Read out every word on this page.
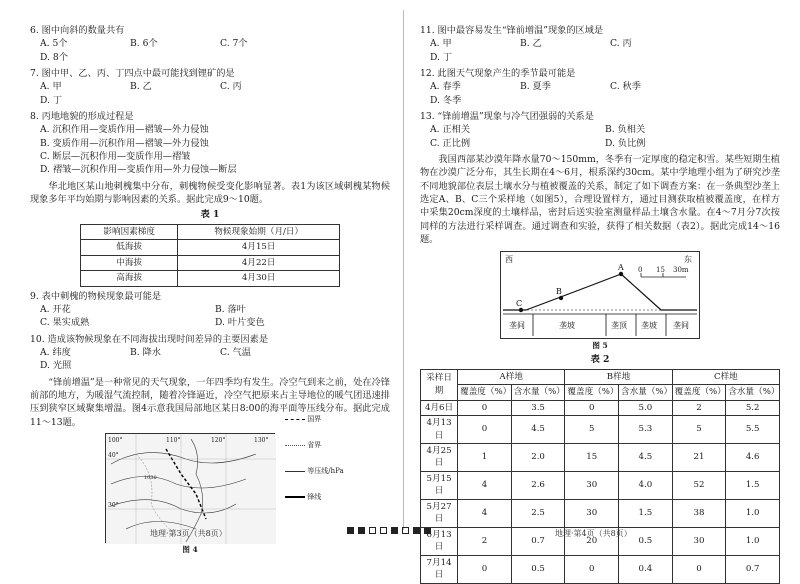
6. 图中向斜的数量共有
A. 5个	B. 6个	C. 7个
D. 8个
7. 图中甲、乙、丙、丁四点中最可能找到锂矿的是
A. 甲	B. 乙	C. 丙
D. 丁
8. 丙地地貌的形成过程是
A. 沉积作用—变质作用—褶皱—外力侵蚀
B. 变质作用—沉积作用—褶皱—外力侵蚀
C. 断层—沉积作用—变质作用—褶皱
D. 褶皱—沉积作用—变质作用—外力侵蚀—断层
华北地区某山地刺槐集中分布，刺槐物候受变化影响显著。表1为该区域刺槐某物候现象多年平均始期与影响因素的关系。据此完成9～10题。
表 1
影响因素梯度	物候现象始期（月/日）
低海拔	4月15日
中海拔	4月22日
高海拔	4月30日
9. 表中刺槐的物候现象最可能是
A. 开花	B. 落叶
C. 果实成熟	D. 叶片变色
10. 造成该物候现象在不同海拔出现时间差异的主要因素是
A. 纬度	B. 降水	C. 气温
D. 光照
“锋前增温”是一种常见的天气现象，一年四季均有发生。冷空气到来之前，处在冷锋前部的地方，为暖湿气流控制，随着冷锋逼近，冷空气把原来占主导地位的暖气团迅速排压到狭窄区域聚集增温。图4示意我国局部地区某日8:00的海平面等压线分布。据此完成11～13题。
100°	110°	120°	130°
40°
30°
1030
国界
省界
等压线/hPa
锋线
图 4
地理·第3页（共8页）
11. 图中最容易发生“锋前增温”现象的区域是
A. 甲	B. 乙	C. 丙
D. 丁
12. 此图天气现象产生的季节最可能是
A. 春季	B. 夏季	C. 秋季
D. 冬季
13. “锋前增温”现象与冷气团强弱的关系是
A. 正相关	B. 负相关
C. 正比例	D. 负比例
我国西部某沙漠年降水量70～150mm，冬季有一定厚度的稳定积雪。某些短期生植物在沙漠广泛分布，其生长期在4～6月，根系深约30cm。某中学地理小组为了研究沙垄不同地貌部位表层土壤水分与植被覆盖的关系，制定了如下调查方案：在一条典型沙垄上选定A、B、C三个采样地（如图5），合理设置样方，通过目测获取植被覆盖度，在样方中采集20cm深度的土壤样品，密封后送实验室测量样品土壤含水量。在4～7月分7次按同样的方法进行采样调查。通过调查和实验，获得了相关数据（表2）。据此完成14～16题。
西	东
0 15 30m
A
B
C
垄间	垄坡	垄顶 垄坡 垄间
图 5
表 2
采样日期	A样地		B样地		C样地	
	覆盖度（%）	含水量（%）	覆盖度（%）	含水量（%）	覆盖度（%）	含水量（%）
4月6日	0	3.5	0	5.0	2	5.2
4月13日	0	4.5	5	5.3	5	5.5
4月25日	1	2.0	15	4.5	21	4.6
5月15日	4	2.6	30	4.0	52	1.5
5月27日	4	2.5	30	1.5	38	1.0
6月13日	2	0.7	20	0.5	30	1.0
7月14日	0	0.5	0	0.4	0	0.7
地理·第4页（共8页）
